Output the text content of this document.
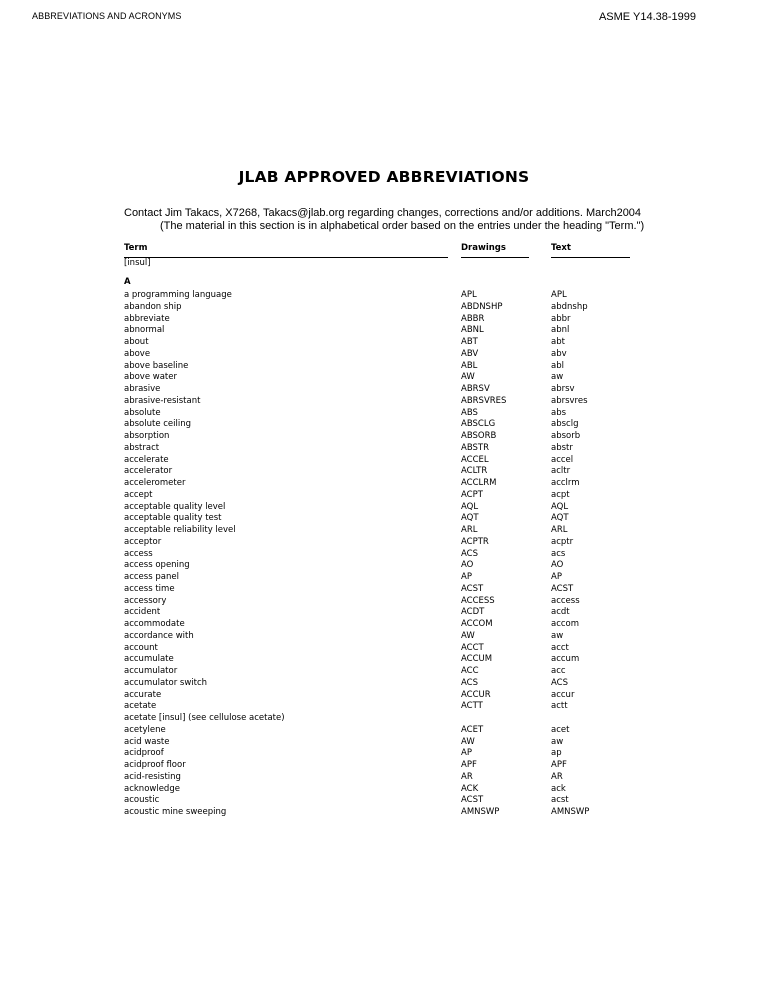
ABBREVIATIONS AND ACRONYMS	ASME Y14.38-1999
JLAB APPROVED ABBREVIATIONS
Contact Jim Takacs, X7268, Takacs@jlab.org regarding changes, corrections and/or additions. March2004
(The material in this section is in alphabetical order based on the entries under the heading "Term.")
Term	Drawings	Text
[insul]
A
a programming language	APL	APL
abandon ship	ABDNSHP	abdnshp
abbreviate	ABBR	abbr
abnormal	ABNL	abnl
about	ABT	abt
above	ABV	abv
above baseline	ABL	abl
above water	AW	aw
abrasive	ABRSV	abrsv
abrasive-resistant	ABRSVRES	abrsvres
absolute	ABS	abs
absolute ceiling	ABSCLG	absclg
absorption	ABSORB	absorb
abstract	ABSTR	abstr
accelerate	ACCEL	accel
accelerator	ACLTR	acltr
accelerometer	ACCLRM	acclrm
accept	ACPT	acpt
acceptable quality level	AQL	AQL
acceptable quality test	AQT	AQT
acceptable reliability level	ARL	ARL
acceptor	ACPTR	acptr
access	ACS	acs
access opening	AO	AO
access panel	AP	AP
access time	ACST	ACST
accessory	ACCESS	access
accident	ACDT	acdt
accommodate	ACCOM	accom
accordance with	AW	aw
account	ACCT	acct
accumulate	ACCUM	accum
accumulator	ACC	acc
accumulator switch	ACS	ACS
accurate	ACCUR	accur
acetate	ACTT	actt
acetate [insul] (see cellulose acetate)
acetylene	ACET	acet
acid waste	AW	aw
acidproof	AP	ap
acidproof floor	APF	APF
acid-resisting	AR	AR
acknowledge	ACK	ack
acoustic	ACST	acst
acoustic mine sweeping	AMNSWP	AMNSWP
